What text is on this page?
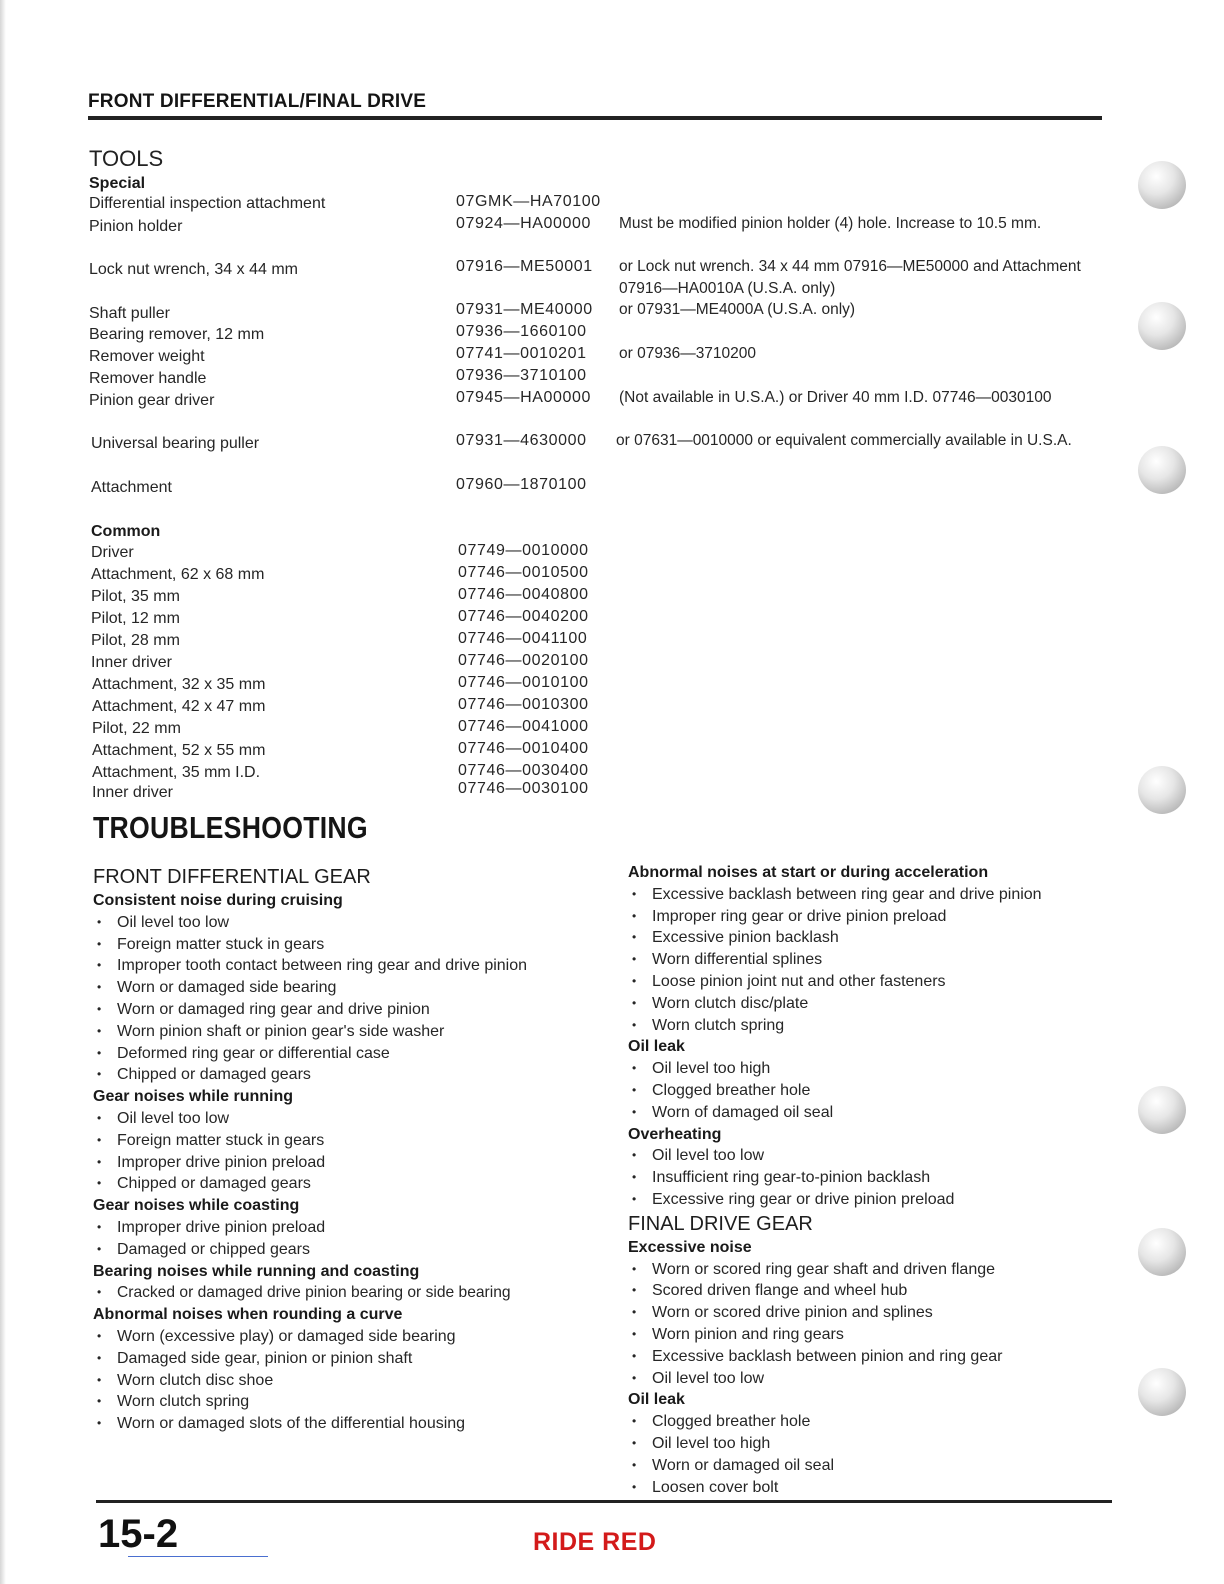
FRONT DIFFERENTIAL/FINAL DRIVE
TOOLS
Special
Differential inspection attachment	07GMK—HA70100
Pinion holder	07924—HA00000 Must be modified pinion holder (4) hole. Increase to 10.5 mm.
Lock nut wrench, 34 x 44 mm	07916—ME50001 or Lock nut wrench. 34 x 44 mm 07916—ME50000 and Attachment 07916—HA0010A (U.S.A. only)
Shaft puller	07931—ME40000 or 07931—ME4000A (U.S.A. only)
Bearing remover, 12 mm	07936—1660100
Remover weight	07741—0010201 or 07936—3710200
Remover handle	07936—3710100
Pinion gear driver	07945—HA00000 (Not available in U.S.A.) or Driver 40 mm I.D. 07746—0030100
Universal bearing puller	07931—4630000 or 07631—0010000 or equivalent commercially available in U.S.A.
Attachment	07960—1870100
Common
Driver	07749—0010000
Attachment, 62 x 68 mm	07746—0010500
Pilot, 35 mm	07746—0040800
Pilot, 12 mm	07746—0040200
Pilot, 28 mm	07746—0041100
Inner driver	07746—0020100
Attachment, 32 x 35 mm	07746—0010100
Attachment, 42 x 47 mm	07746—0010300
Pilot, 22 mm	07746—0041000
Attachment, 52 x 55 mm	07746—0010400
Attachment, 35 mm I.D.	07746—0030400
Inner driver	07746—0030100
TROUBLESHOOTING
FRONT DIFFERENTIAL GEAR
Consistent noise during cruising
• Oil level too low
• Foreign matter stuck in gears
• Improper tooth contact between ring gear and drive pinion
• Worn or damaged side bearing
• Worn or damaged ring gear and drive pinion
• Worn pinion shaft or pinion gear's side washer
• Deformed ring gear or differential case
• Chipped or damaged gears
Gear noises while running
• Oil level too low
• Foreign matter stuck in gears
• Improper drive pinion preload
• Chipped or damaged gears
Gear noises while coasting
• Improper drive pinion preload
• Damaged or chipped gears
Bearing noises while running and coasting
• Cracked or damaged drive pinion bearing or side bearing
Abnormal noises when rounding a curve
• Worn (excessive play) or damaged side bearing
• Damaged side gear, pinion or pinion shaft
• Worn clutch disc shoe
• Worn clutch spring
• Worn or damaged slots of the differential housing
Abnormal noises at start or during acceleration
• Excessive backlash between ring gear and drive pinion
• Improper ring gear or drive pinion preload
• Excessive pinion backlash
• Worn differential splines
• Loose pinion joint nut and other fasteners
• Worn clutch disc/plate
• Worn clutch spring
Oil leak
• Oil level too high
• Clogged breather hole
• Worn of damaged oil seal
Overheating
• Oil level too low
• Insufficient ring gear-to-pinion backlash
• Excessive ring gear or drive pinion preload
FINAL DRIVE GEAR
Excessive noise
• Worn or scored ring gear shaft and driven flange
• Scored driven flange and wheel hub
• Worn or scored drive pinion and splines
• Worn pinion and ring gears
• Excessive backlash between pinion and ring gear
• Oil level too low
Oil leak
• Clogged breather hole
• Oil level too high
• Worn or damaged oil seal
• Loosen cover bolt
15-2	RIDE RED
